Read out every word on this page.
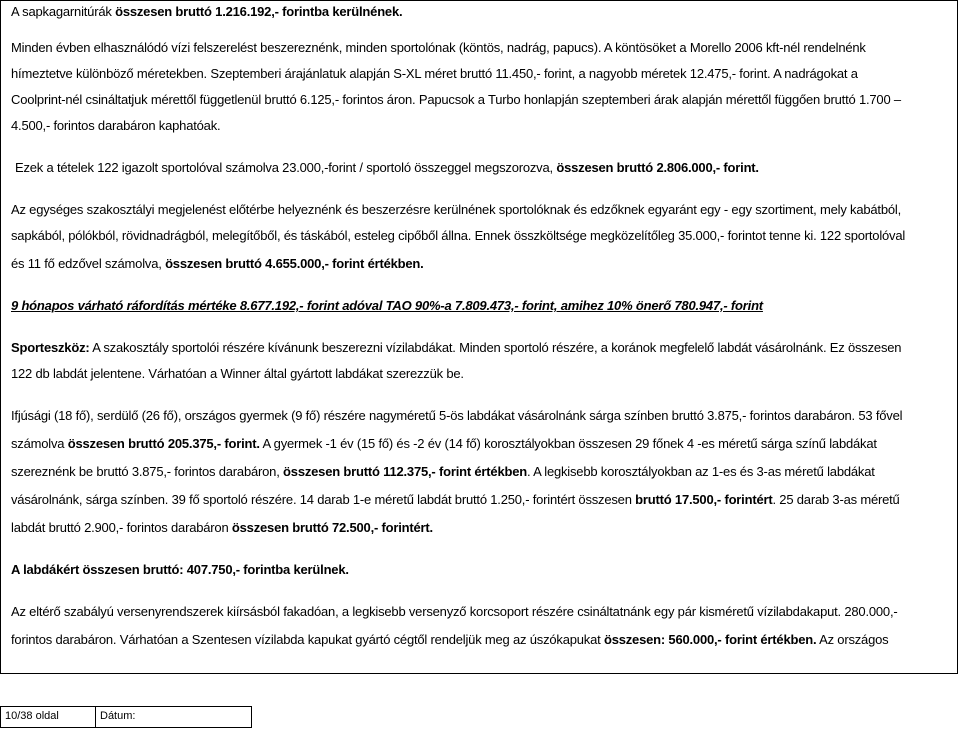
A sapkagarnitúrák összesen bruttó 1.216.192,- forintba kerülnének.
Minden évben elhasználódó vízi felszerelést beszereznénk, minden sportolónak (köntös, nadrág, papucs). A köntösöket a Morello 2006 kft-nél rendelnénk
hímeztetve különböző méretekben. Szeptemberi árajánlatuk alapján S-XL méret bruttó 11.450,- forint, a nagyobb méretek 12.475,- forint. A nadrágokat a
Coolprint-nél csináltatjuk mérettől függetlenül bruttó 6.125,- forintos áron. Papucsok a Turbo honlapján szeptemberi árak alapján mérettől függően bruttó 1.700 –
4.500,- forintos darabáron kaphatóak.
Ezek a tételek 122 igazolt sportolóval számolva 23.000,-forint / sportoló összeggel megszorozva, összesen bruttó 2.806.000,- forint.
Az egységes szakosztályi megjelenést előtérbe helyeznénk és beszerzésre kerülnének sportolóknak és edzőknek egyaránt egy - egy szortiment, mely kabátból,
sapkából, pólókból, rövidnadrágból, melegítőből, és táskából, esteleg cipőből állna. Ennek összköltsége megközelítőleg 35.000,- forintot tenne ki. 122 sportolóval
és 11 fő edzővel számolva, összesen bruttó 4.655.000,- forint értékben.
9 hónapos várható ráfordítás mértéke 8.677.192,- forint adóval TAO 90%-a 7.809.473,- forint, amihez 10% önerő 780.947,- forint
Sporteszköz: A szakosztály sportolói részére kívánunk beszerezni vízilabdákat. Minden sportoló részére, a koránok megfelelő labdát vásárolnánk. Ez összesen
122 db labdát jelentene. Várhatóan a Winner által gyártott labdákat szerezzük be.
Ifjúsági (18 fő), serdülő (26 fő), országos gyermek (9 fő) részére nagyméretű 5-ös labdákat vásárolnánk sárga színben bruttó 3.875,- forintos darabáron. 53 fővel
számolva összesen bruttó 205.375,- forint. A gyermek -1 év (15 fő) és -2 év (14 fő) korosztályokban összesen 29 főnek 4 -es méretű sárga színű labdákat
szereznénk be bruttó 3.875,- forintos darabáron, összesen bruttó 112.375,- forint értékben. A legkisebb korosztályokban az 1-es és 3-as méretű labdákat
vásárolnánk, sárga színben. 39 fő sportoló részére. 14 darab 1-e méretű labdát bruttó 1.250,- forintért összesen bruttó 17.500,- forintért. 25 darab 3-as méretű
labdát bruttó 2.900,- forintos darabáron összesen bruttó 72.500,- forintért.
A labdákért összesen bruttó: 407.750,- forintba kerülnek.
Az eltérő szabályú versenyrendszerek kiírsásból fakadóan, a legkisebb versenyző korcsoport részére csináltatnánk egy pár kisméretű vízilabdakaput. 280.000,-
forintos darabáron. Várhatóan a Szentesen vízilabda kapukat gyártó cégtől rendeljük meg az úszókapukat összesen: 560.000,- forint értékben. Az országos
10/38 oldal	Dátum:
